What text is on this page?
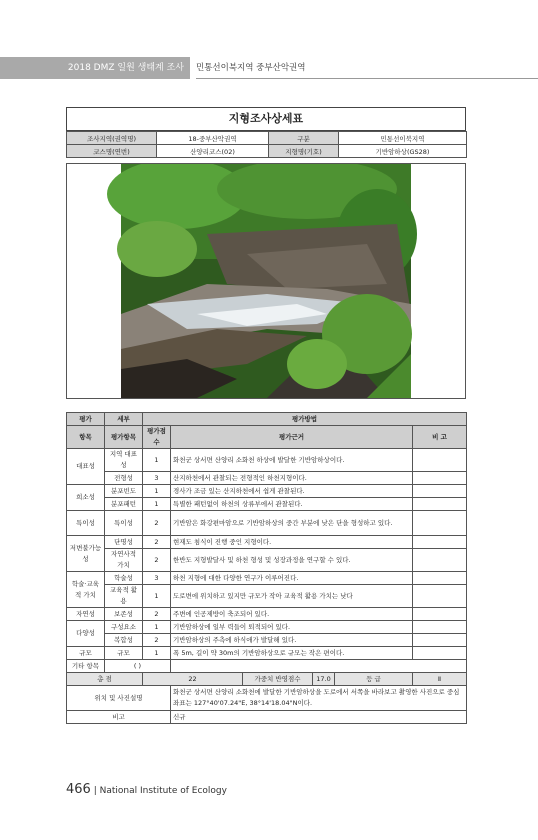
2018 DMZ 일원 생태계 조사	민통선이북지역 중부산악권역
지형조사상세표
조사지역(권역명)	18-중부산악권역	구분	민통선이북지역
코스명(연번)	산양리코스(02)	지형명(기호)	기반암하상(GS28)
평가	세부	평가방법					
항목	평가항목	평가점수	평가근거				비 고
대표성	지역 대표성	1	화천군 상서면 산양리 소화천 하상에 발달한 기반암하상이다.				
	전형성	3	산지하천에서 관찰되는 전형적인 하천지형이다.				
희소성	분포빈도	1	경사가 조금 있는 산지하천에서 쉽게 관찰된다.				
	분포패턴	1	특별한 패턴없이 하천의 상류부에서 관찰된다.				
특이성	특이성	2	기반암은 화강편마암으로 기반암하상의 중간 부분에 낮은 단을 형성하고 있다.				
저변불가능성	단명성	2	현재도 침식이 진행 중인 지형이다.				
	자연사적 가치	2	한반도 지형발달사 및 하천 형성 및 성장과정을 연구할 수 있다.				
학술·교육적 가치	학술성	3	하천 지형에 대한 다양한 연구가 이루어진다.				
	교육적 활용	1	도로변에 위치하고 있지만 규모가 작아 교육적 활용 가치는 낮다				
자연성	보존성	2	주변에 인공제방이 축조되어 있다.				
다양성	구성요소	1	기반암하상에 일부 력들이 퇴적되어 있다.				
	복합성	2	기반암하상의 주측에 하식애가 발달해 있다.				
규모	규모	1	폭 5m, 길이 약 30m의 기반암하상으로 규모는 작은 편이다.				
기타 항목	( )						
총 점		22		가중치 반영점수	17.0	등 급	Ⅱ
위치 및 사진설명			화천군 상서면 산양리 소화천에 발달한 기반암하상을 도로에서 서쪽을 바라보고 촬영한 사진으로 중심좌표는 127°40'07.24"E, 38°14'18.04"N이다.				
비고			신규				
466 | National Institute of Ecology
